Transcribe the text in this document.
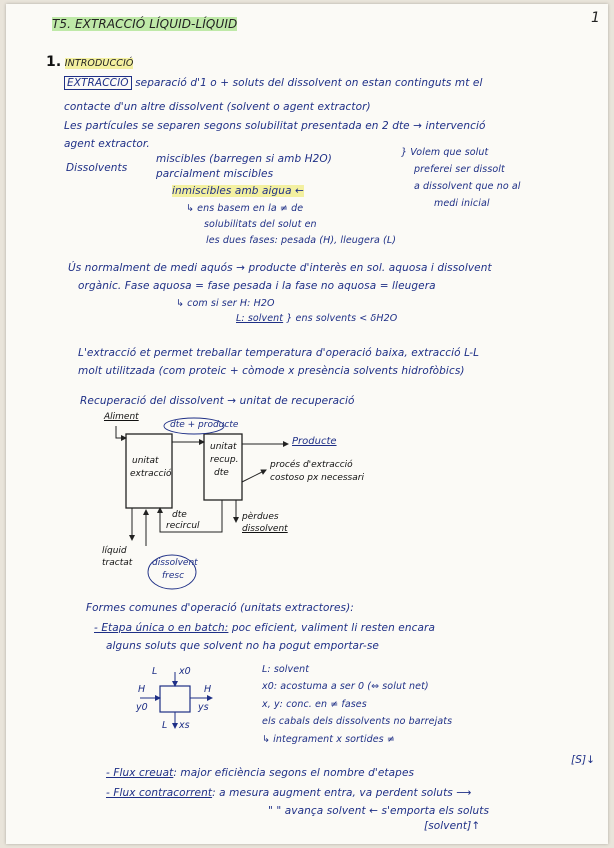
1
T5. EXTRACCIÓ LÍQUID-LÍQUID
1. INTRODUCCIÓ
EXTRACCIÓ separació d'1 o + soluts del dissolvent on estan continguts mt el
contacte d'un altre dissolvent (solvent o agent extractor)
Les partícules se separen segons solubilitat presentada en 2 dte → intervenció
agent extractor.
Dissolvents
miscibles (barregen si amb H2O)
parcialment miscibles
inmiscibles amb aigua ←
↳ ens basem en la ≠ de
solubilitats del solut en
les dues fases: pesada (H), lleugera (L)
} Volem que solut
preferei ser dissolt
a dissolvent que no al
medi inicial
Ús normalment de medi aquós → producte d'interès en sol. aquosa i dissolvent
orgànic. Fase aquosa = fase pesada i la fase no aquosa = lleugera
↳ com si ser H: H2O
L: solvent } ens solvents < δH2O
L'extracció et permet treballar temperatura d'operació baixa, extracció L-L
molt utilitzada (com proteic + còmode x presència solvents hidrofòbics)
Recuperació del dissolvent → unitat de recuperació
Aliment
dte + producte
unitat
extracció
unitat
recup.
dte
Producte
procés d'extracció
costoso px necessari
dte
recircul
pèrdues
dissolvent
líquid
tractat dissolvent
fresc
Formes comunes d'operació (unitats extractores):
- Etapa única o en batch: poc eficient, valiment li resten encara
alguns soluts que solvent no ha pogut emportar-se
L x0
H
y0
H
ys
L xs
L: solvent
x0: acostuma a ser 0 (⇔ solut net)
x, y: conc. en ≠ fases
els cabals dels dissolvents no barrejats
↳ integrament x sortides ≠
- Flux creuat: major eficiència segons el nombre d'etapes
[S]↓
- Flux contracorrent: a mesura augment entra, va perdent soluts ⟶
" " avança solvent ← s'emporta els soluts
[solvent]↑
